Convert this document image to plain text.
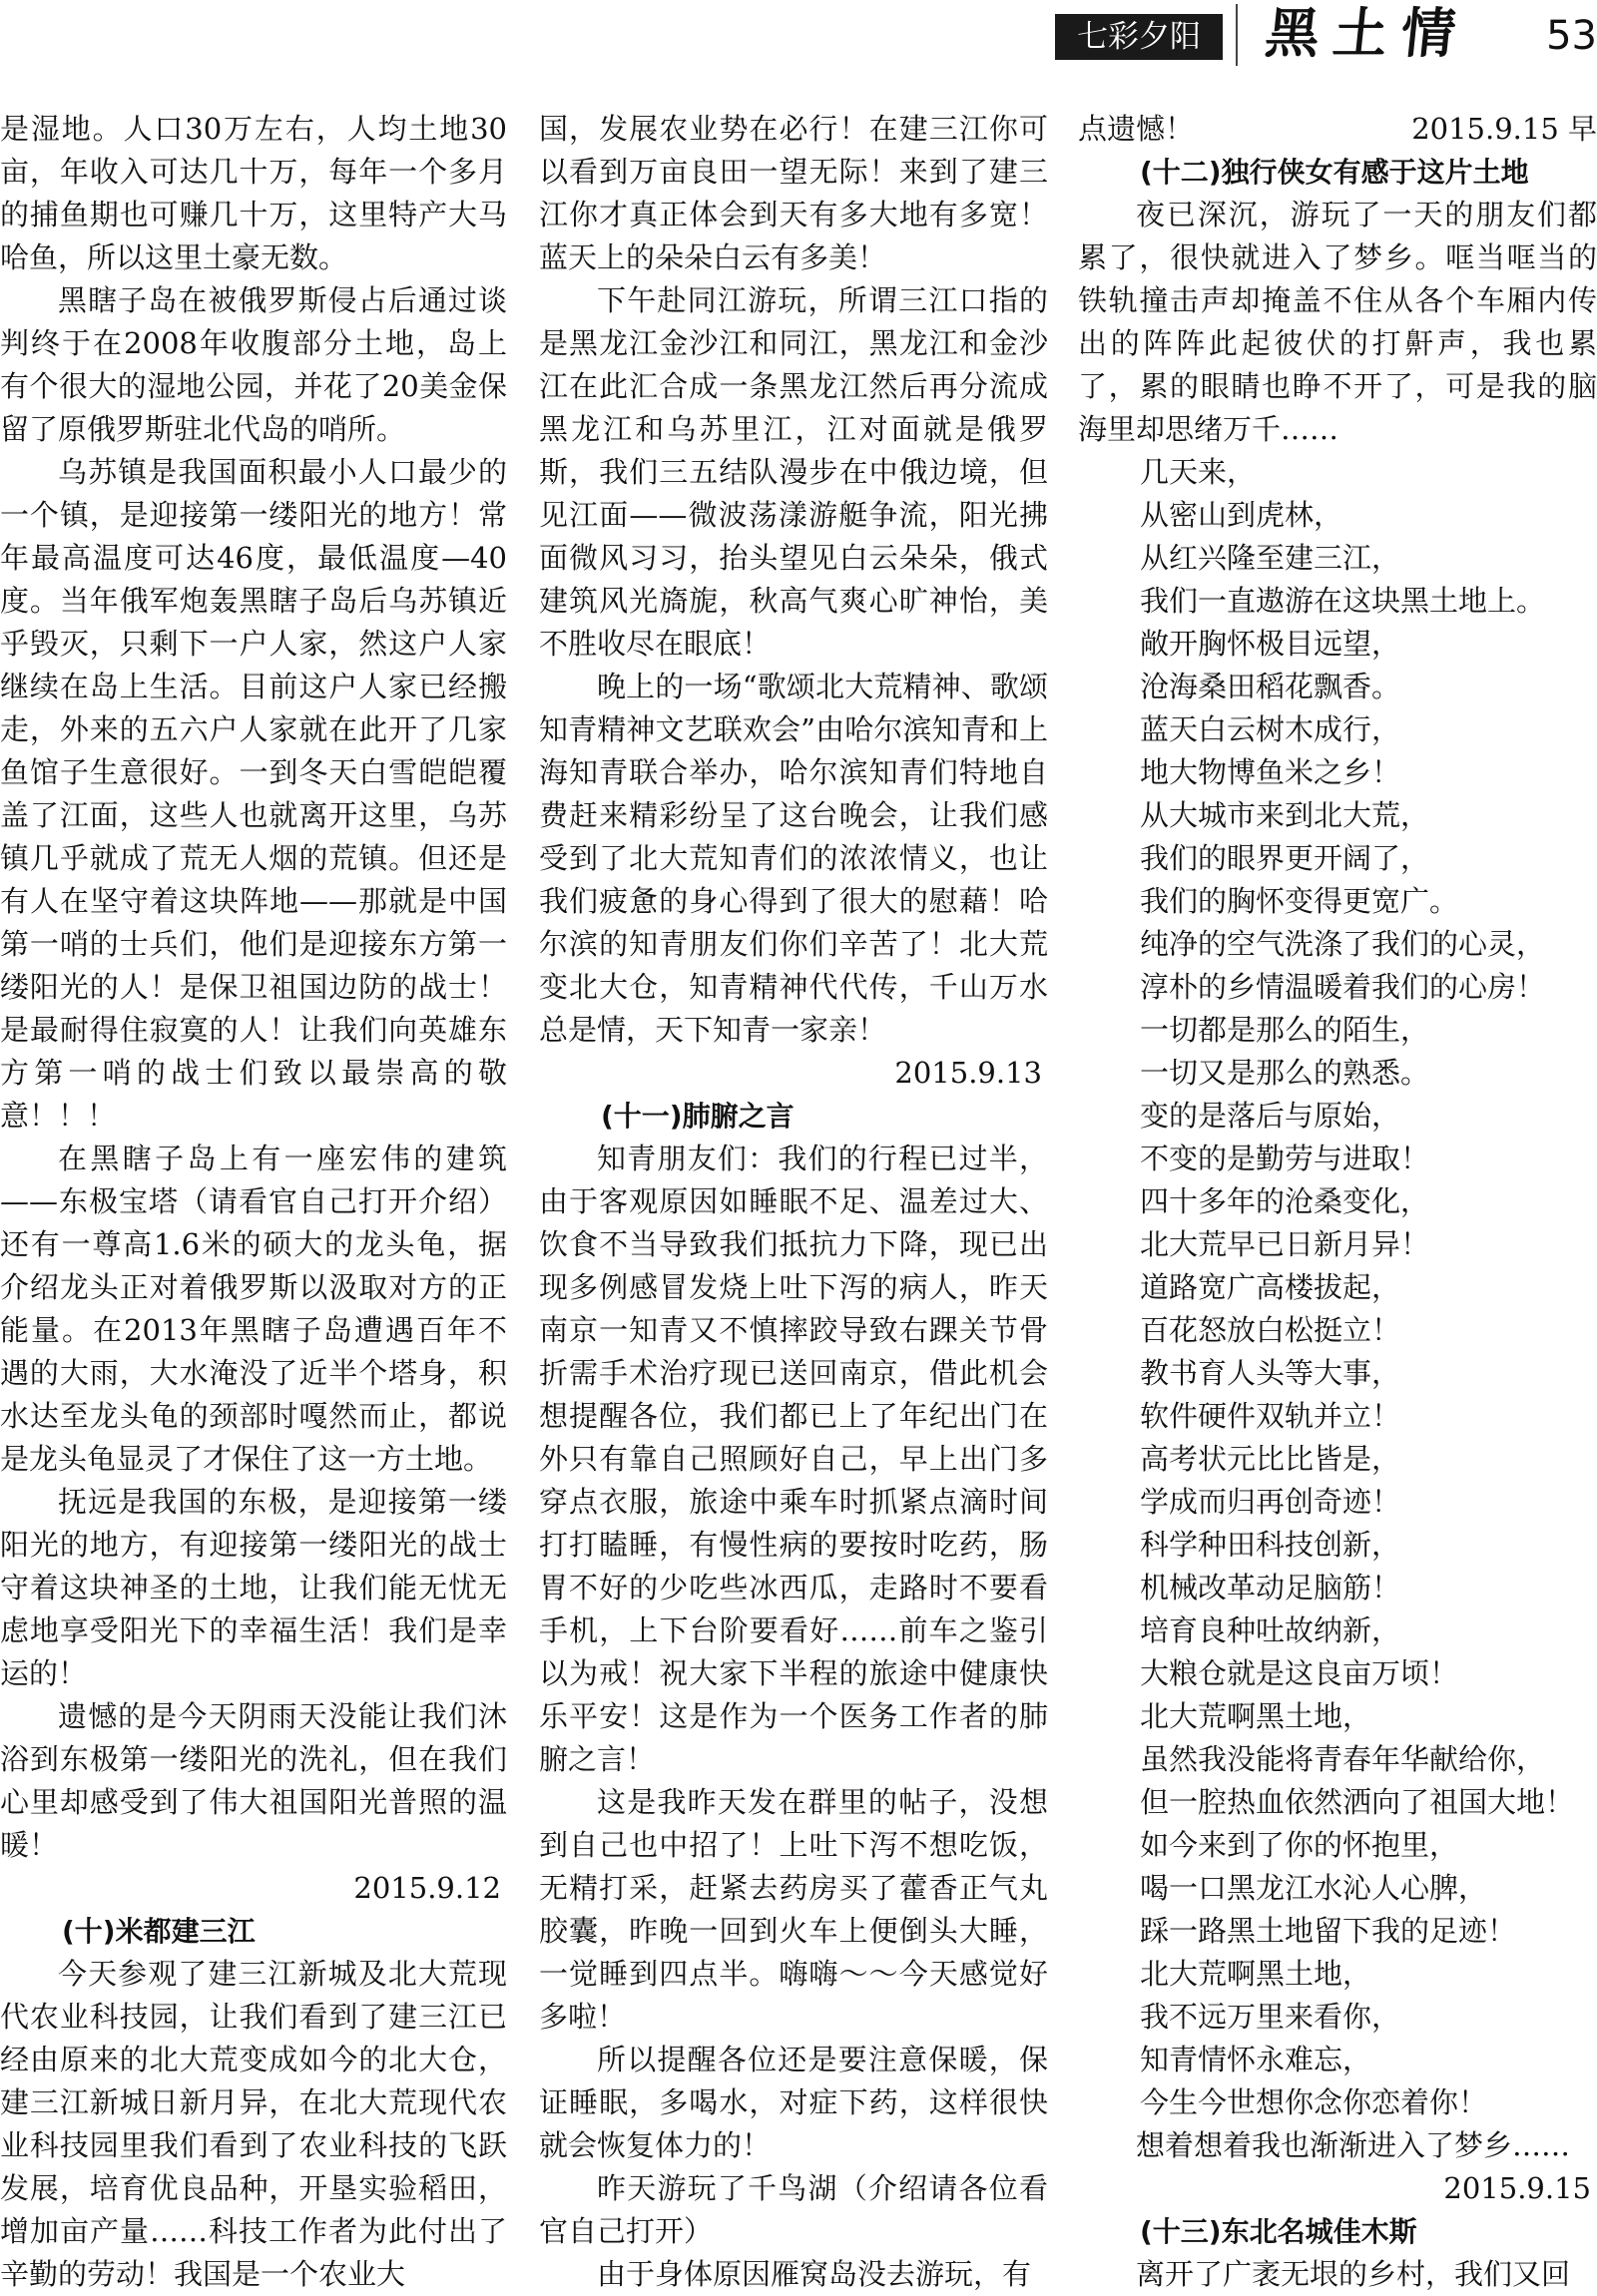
七彩夕阳	黑土情 53

是湿地。人口30万左右，人均土地30亩，年收入可达几十万，每年一个多月的捕鱼期也可赚几十万，这里特产大马哈鱼，所以这里土豪无数。

黑瞎子岛在被俄罗斯侵占后通过谈判终于在2008年收腹部分土地，岛上有个很大的湿地公园，并花了20美金保留了原俄罗斯驻北代岛的哨所。

乌苏镇是我国面积最小人口最少的一个镇，是迎接第一缕阳光的地方！常年最高温度可达46度，最低温度—40度。当年俄军炮轰黑瞎子岛后乌苏镇近乎毁灭，只剩下一户人家，然这户人家继续在岛上生活。目前这户人家已经搬走，外来的五六户人家就在此开了几家鱼馆子生意很好。一到冬天白雪皑皑覆盖了江面，这些人也就离开这里，乌苏镇几乎就成了荒无人烟的荒镇。但还是有人在坚守着这块阵地——那就是中国第一哨的士兵们，他们是迎接东方第一缕阳光的人！是保卫祖国边防的战士！是最耐得住寂寞的人！让我们向英雄东方第一哨的战士们致以最崇高的敬意！！！

在黑瞎子岛上有一座宏伟的建筑——东极宝塔（请看官自己打开介绍）还有一尊高1.6米的硕大的龙头龟，据介绍龙头正对着俄罗斯以汲取对方的正能量。在2013年黑瞎子岛遭遇百年不遇的大雨，大水淹没了近半个塔身，积水达至龙头龟的颈部时嘎然而止，都说是龙头龟显灵了才保住了这一方土地。

抚远是我国的东极，是迎接第一缕阳光的地方，有迎接第一缕阳光的战士守着这块神圣的土地，让我们能无忧无虑地享受阳光下的幸福生活！我们是幸运的！

遗憾的是今天阴雨天没能让我们沐浴到东极第一缕阳光的洗礼，但在我们心里却感受到了伟大祖国阳光普照的温暖！

2015.9.12

(十)米都建三江

今天参观了建三江新城及北大荒现代农业科技园，让我们看到了建三江已经由原来的北大荒变成如今的北大仓，建三江新城日新月异，在北大荒现代农业科技园里我们看到了农业科技的飞跃发展，培育优良品种，开垦实验稻田，增加亩产量……科技工作者为此付出了辛勤的劳动！我国是一个农业大

国，发展农业势在必行！在建三江你可以看到万亩良田一望无际！来到了建三江你才真正体会到天有多大地有多宽！蓝天上的朵朵白云有多美！

下午赴同江游玩，所谓三江口指的是黑龙江金沙江和同江，黑龙江和金沙江在此汇合成一条黑龙江然后再分流成黑龙江和乌苏里江，江对面就是俄罗斯，我们三五结队漫步在中俄边境，但见江面——微波荡漾游艇争流，阳光拂面微风习习，抬头望见白云朵朵，俄式建筑风光旖旎，秋高气爽心旷神怡，美不胜收尽在眼底！

晚上的一场“歌颂北大荒精神、歌颂知青精神文艺联欢会”由哈尔滨知青和上海知青联合举办，哈尔滨知青们特地自费赶来精彩纷呈了这台晚会，让我们感受到了北大荒知青们的浓浓情义，也让我们疲惫的身心得到了很大的慰藉！哈尔滨的知青朋友们你们辛苦了！北大荒变北大仓，知青精神代代传，千山万水总是情，天下知青一家亲！

2015.9.13

(十一)肺腑之言

知青朋友们：我们的行程已过半，由于客观原因如睡眠不足、温差过大、饮食不当导致我们抵抗力下降，现已出现多例感冒发烧上吐下泻的病人，昨天南京一知青又不慎摔跤导致右踝关节骨折需手术治疗现已送回南京，借此机会想提醒各位，我们都已上了年纪出门在外只有靠自己照顾好自己，早上出门多穿点衣服，旅途中乘车时抓紧点滴时间打打瞌睡，有慢性病的要按时吃药，肠胃不好的少吃些冰西瓜，走路时不要看手机，上下台阶要看好……前车之鉴引以为戒！祝大家下半程的旅途中健康快乐平安！这是作为一个医务工作者的肺腑之言！

这是我昨天发在群里的帖子，没想到自己也中招了！上吐下泻不想吃饭，无精打采，赶紧去药房买了藿香正气丸胶囊，昨晚一回到火车上便倒头大睡，一觉睡到四点半。嗨嗨～～今天感觉好多啦！

所以提醒各位还是要注意保暖，保证睡眠，多喝水，对症下药，这样很快就会恢复体力的！

昨天游玩了千鸟湖（介绍请各位看官自己打开）

由于身体原因雁窝岛没去游玩，有

点遗憾！	2015.9.15 早

(十二)独行侠女有感于这片土地

夜已深沉，游玩了一天的朋友们都累了，很快就进入了梦乡。哐当哐当的铁轨撞击声却掩盖不住从各个车厢内传出的阵阵此起彼伏的打鼾声，我也累了，累的眼睛也睁不开了，可是我的脑海里却思绪万千……

几天来，

从密山到虎林，

从红兴隆至建三江，

我们一直遨游在这块黑土地上。

敞开胸怀极目远望，

沧海桑田稻花飘香。

蓝天白云树木成行，

地大物博鱼米之乡！

从大城市来到北大荒，

我们的眼界更开阔了，

我们的胸怀变得更宽广。

纯净的空气洗涤了我们的心灵，

淳朴的乡情温暖着我们的心房！

一切都是那么的陌生，

一切又是那么的熟悉。

变的是落后与原始，

不变的是勤劳与进取！

四十多年的沧桑变化，

北大荒早已日新月异！

道路宽广高楼拔起，

百花怒放白松挺立！

教书育人头等大事，

软件硬件双轨并立！

高考状元比比皆是，

学成而归再创奇迹！

科学种田科技创新，

机械改革动足脑筋！

培育良种吐故纳新，

大粮仓就是这良亩万顷！

北大荒啊黑土地，

虽然我没能将青春年华献给你，

但一腔热血依然洒向了祖国大地！

如今来到了你的怀抱里，

喝一口黑龙江水沁人心脾，

踩一路黑土地留下我的足迹！

北大荒啊黑土地，

我不远万里来看你，

知青情怀永难忘，

今生今世想你念你恋着你！

想着想着我也渐渐进入了梦乡……

2015.9.15

(十三)东北名城佳木斯

离开了广袤无垠的乡村，我们又回
